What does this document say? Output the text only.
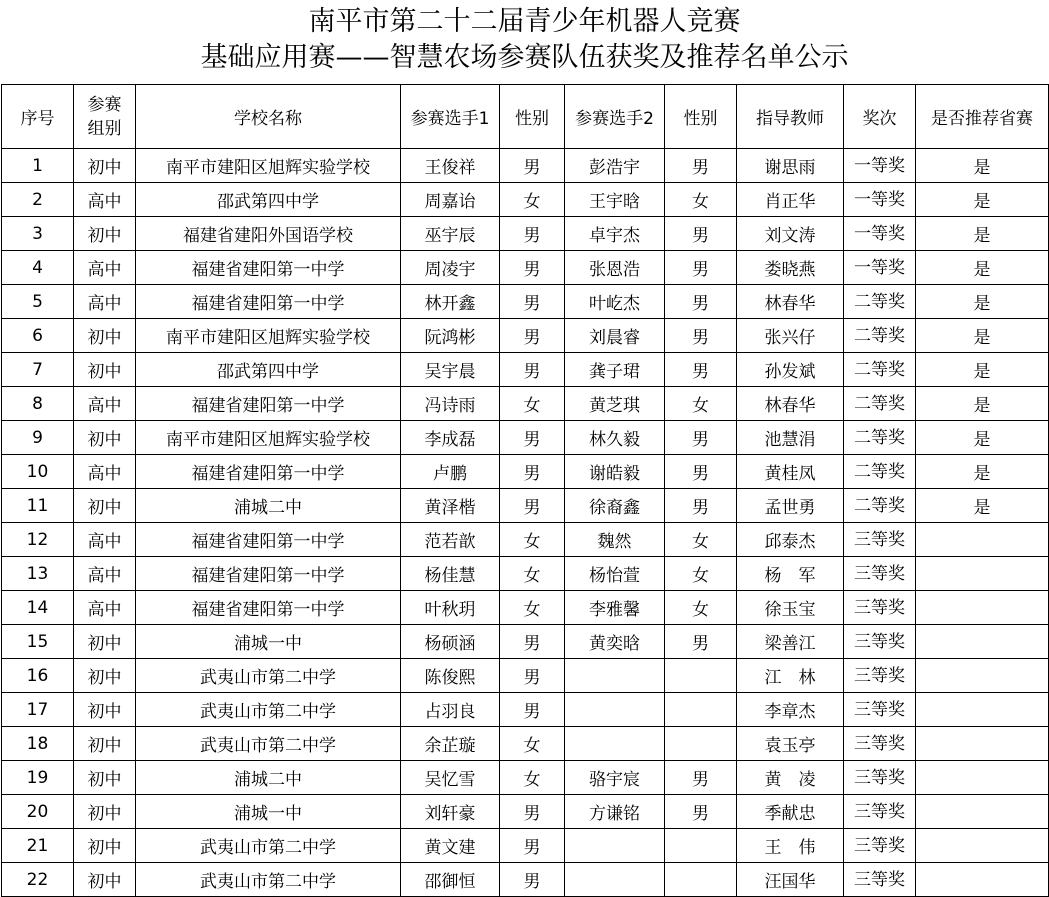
南平市第二十二届青少年机器人竞赛
基础应用赛——智慧农场参赛队伍获奖及推荐名单公示
序号	参赛组别	学校名称	参赛选手1	性别	参赛选手2	性别	指导教师	奖次	是否推荐省赛
1	初中	南平市建阳区旭辉实验学校	王俊祥	男	彭浩宇	男	谢思雨	一等奖	是
2	高中	邵武第四中学	周嘉诒	女	王宇晗	女	肖正华	一等奖	是
3	初中	福建省建阳外国语学校	巫宇辰	男	卓宇杰	男	刘文涛	一等奖	是
4	高中	福建省建阳第一中学	周凌宇	男	张恩浩	男	娄晓燕	一等奖	是
5	高中	福建省建阳第一中学	林开鑫	男	叶屹杰	男	林春华	二等奖	是
6	初中	南平市建阳区旭辉实验学校	阮鸿彬	男	刘晨睿	男	张兴仔	二等奖	是
7	初中	邵武第四中学	吴宇晨	男	龚子珺	男	孙发斌	二等奖	是
8	高中	福建省建阳第一中学	冯诗雨	女	黄芝琪	女	林春华	二等奖	是
9	初中	南平市建阳区旭辉实验学校	李成磊	男	林久毅	男	池慧涓	二等奖	是
10	高中	福建省建阳第一中学	卢鹏	男	谢皓毅	男	黄桂凤	二等奖	是
11	初中	浦城二中	黄泽楷	男	徐裔鑫	男	孟世勇	二等奖	是
12	高中	福建省建阳第一中学	范若歆	女	魏然	女	邱泰杰	三等奖	
13	高中	福建省建阳第一中学	杨佳慧	女	杨怡萱	女	杨　军	三等奖	
14	高中	福建省建阳第一中学	叶秋玥	女	李雅馨	女	徐玉宝	三等奖	
15	初中	浦城一中	杨硕涵	男	黄奕晗	男	梁善江	三等奖	
16	初中	武夷山市第二中学	陈俊熙	男			江　林	三等奖	
17	初中	武夷山市第二中学	占羽良	男			李章杰	三等奖	
18	初中	武夷山市第二中学	余芷璇	女			袁玉亭	三等奖	
19	初中	浦城二中	吴忆雪	女	骆宇宸	男	黄　凌	三等奖	
20	初中	浦城一中	刘轩豪	男	方谦铭	男	季献忠	三等奖	
21	初中	武夷山市第二中学	黄文建	男			王　伟	三等奖	
22	初中	武夷山市第二中学	邵御恒	男			汪国华	三等奖	
